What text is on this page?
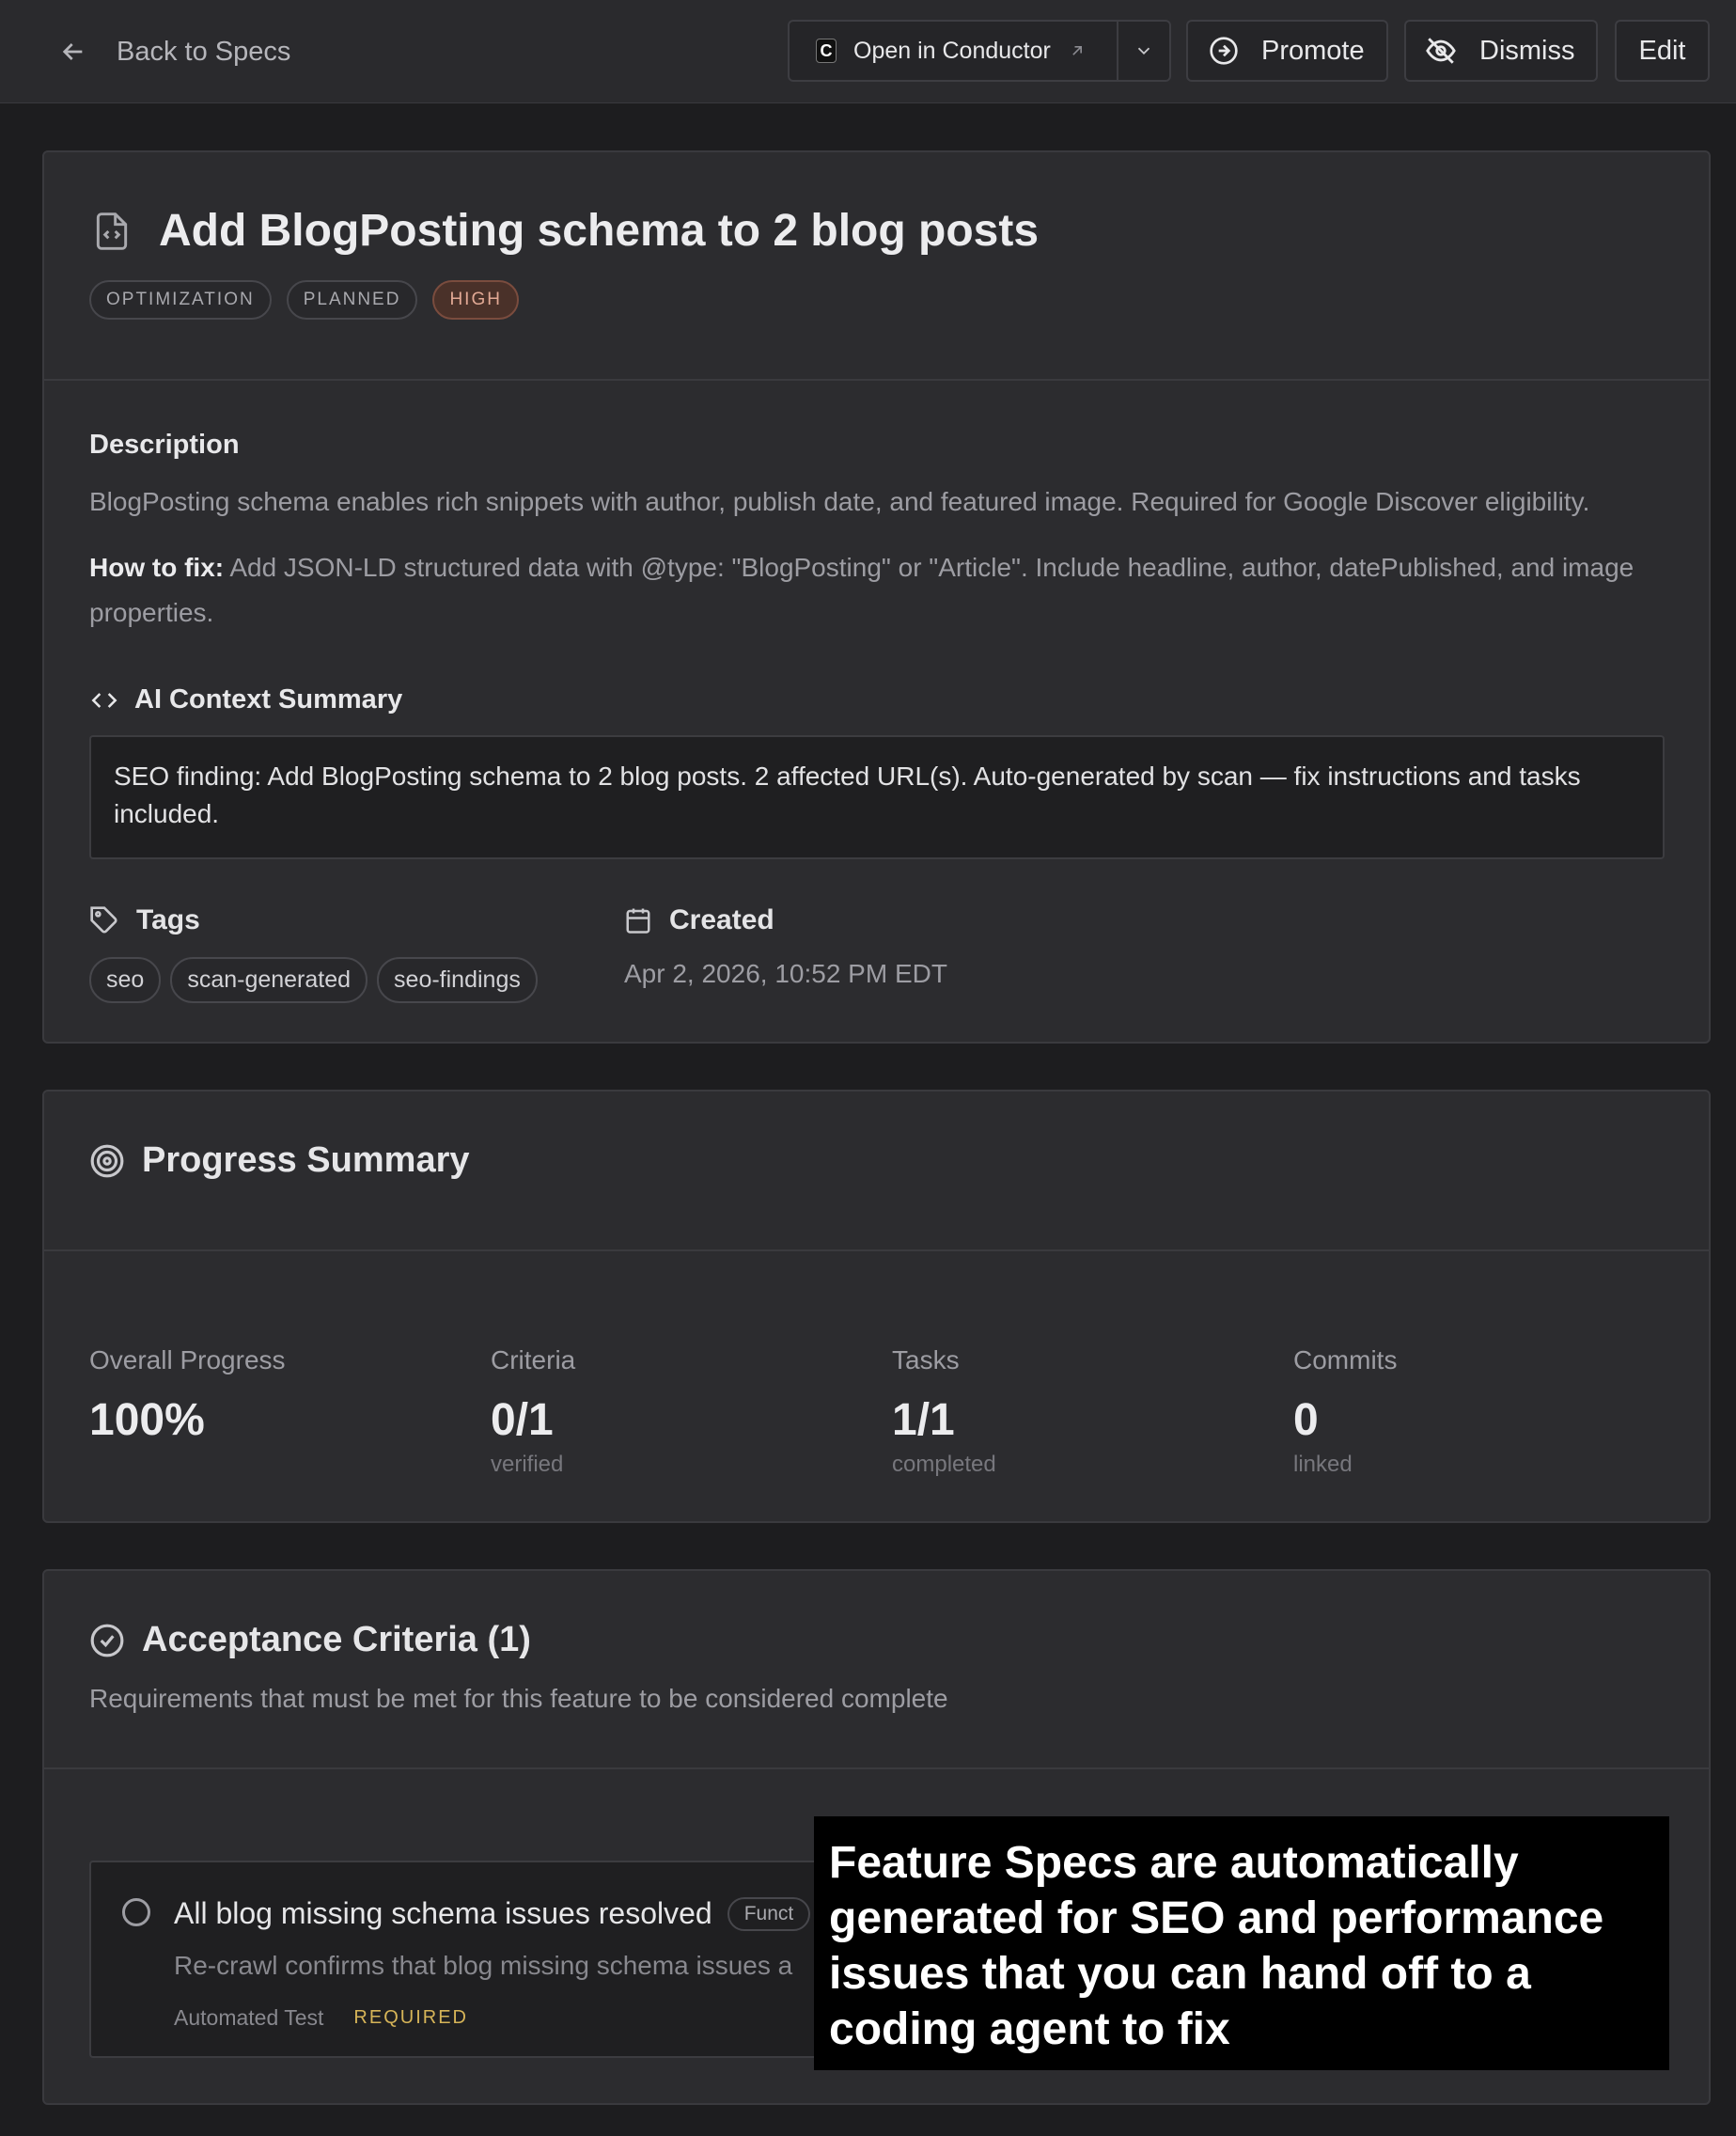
Back to Specs	C Open in Conductor	Promote	Dismiss Edit
Add BlogPosting schema to 2 blog posts
OPTIMIZATION	PLANNED	HIGH
Description
BlogPosting schema enables rich snippets with author, publish date, and featured image. Required for Google Discover eligibility.
How to fix: Add JSON-LD structured data with @type: "BlogPosting" or "Article". Include headline, author, datePublished, and image properties.
AI Context Summary
SEO finding: Add BlogPosting schema to 2 blog posts. 2 affected URL(s). Auto-generated by scan — fix instructions and tasks included.
Tags
seo	scan-generated	seo-findings
Created
Apr 2, 2026, 10:52 PM EDT
Progress Summary
Overall Progress
100%
Criteria
0/1
verified
Tasks
1/1
completed
Commits
0
linked
Acceptance Criteria (1)
Requirements that must be met for this feature to be considered complete
All blog missing schema issues resolved	Funct
Re-crawl confirms that blog missing schema issues a
Automated Test REQUIRED
Feature Specs are automatically generated for SEO and performance issues that you can hand off to a coding agent to fix
